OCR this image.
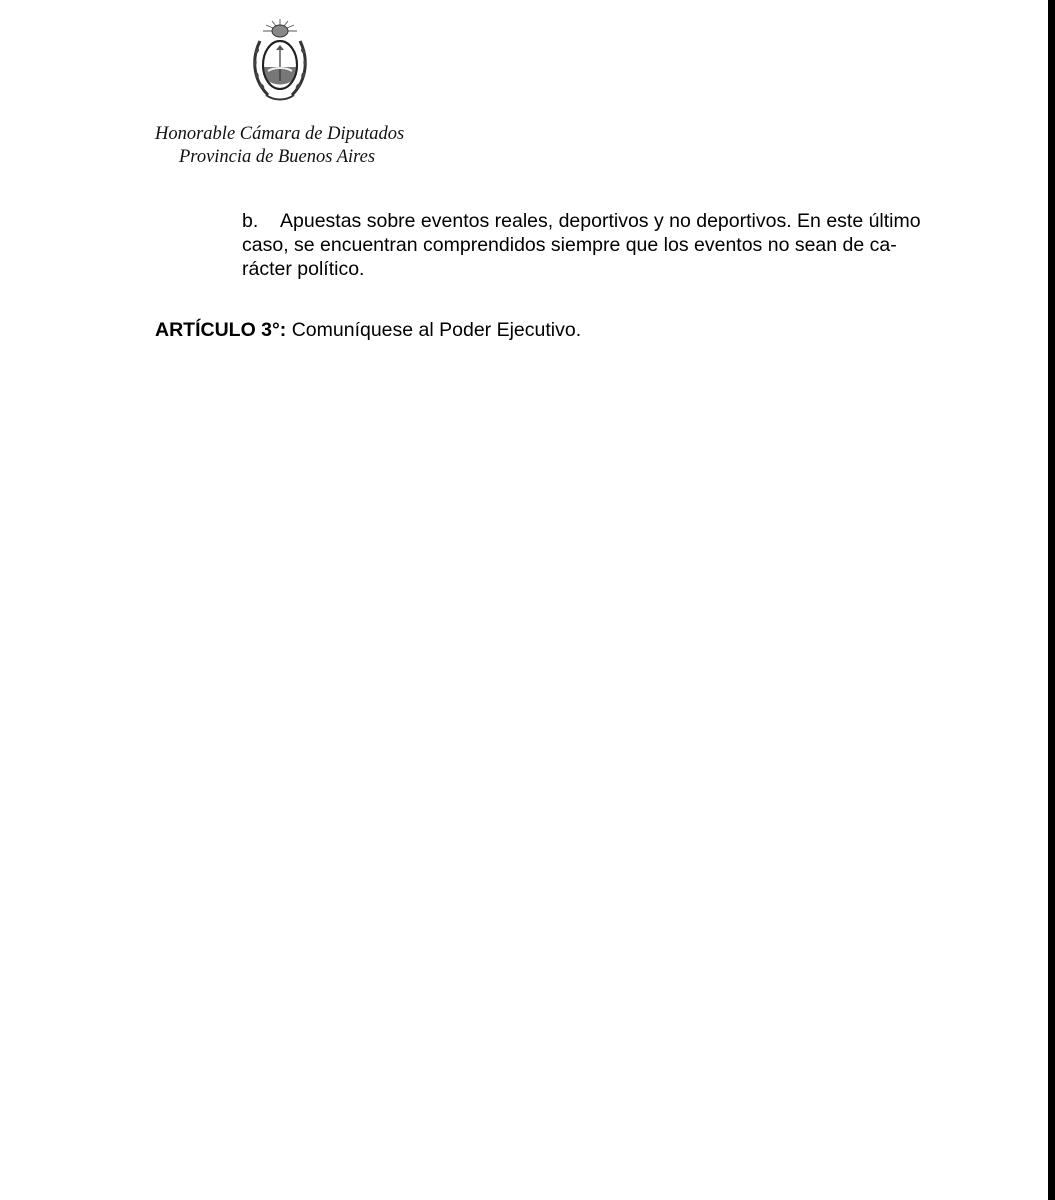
Honorable Cámara de Diputados
Provincia de Buenos Aires
b.	Apuestas sobre eventos reales, deportivos y no deportivos. En este último
caso, se encuentran comprendidos siempre que los eventos no sean de ca-
rácter político.
ARTÍCULO 3°: Comuníquese al Poder Ejecutivo.
